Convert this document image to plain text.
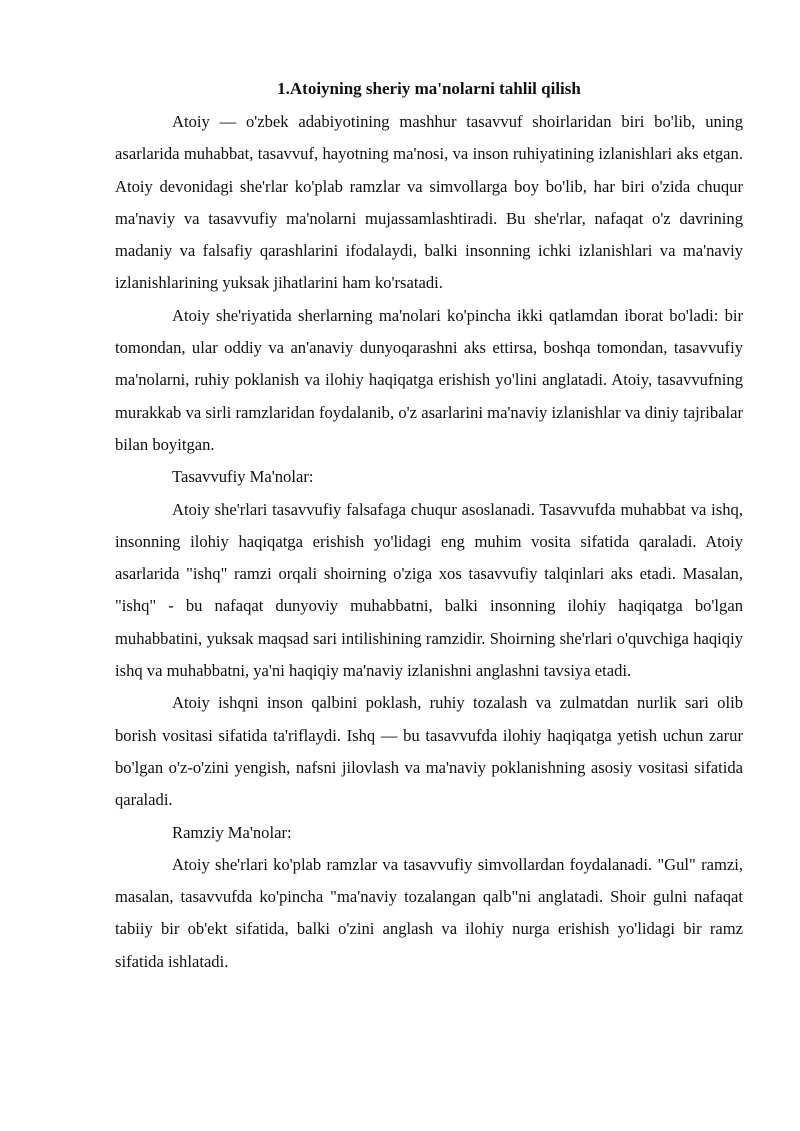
1.Atoiyning sheriy ma'nolarni tahlil qilish

Atoiy — o'zbek adabiyotining mashhur tasavvuf shoirlaridan biri bo'lib, uning asarlarida muhabbat, tasavvuf, hayotning ma'nosi, va inson ruhiyatining izlanishlari aks etgan. Atoiy devonidagi she'rlar ko'plab ramzlar va simvollarga boy bo'lib, har biri o'zida chuqur ma'naviy va tasavvufiy ma'nolarni mujassamlashtiradi. Bu she'rlar, nafaqat o'z davrining madaniy va falsafiy qarashlarini ifodalaydi, balki insonning ichki izlanishlari va ma'naviy izlanishlarining yuksak jihatlarini ham ko'rsatadi.

Atoiy she'riyatida sherlarning ma'nolari ko'pincha ikki qatlamdan iborat bo'ladi: bir tomondan, ular oddiy va an'anaviy dunyoqarashni aks ettirsa, boshqa tomondan, tasavvufiy ma'nolarni, ruhiy poklanish va ilohiy haqiqatga erishish yo'lini anglatadi. Atoiy, tasavvufning murakkab va sirli ramzlaridan foydalanib, o'z asarlarini ma'naviy izlanishlar va diniy tajribalar bilan boyitgan.

Tasavvufiy Ma'nolar:

Atoiy she'rlari tasavvufiy falsafaga chuqur asoslanadi. Tasavvufda muhabbat va ishq, insonning ilohiy haqiqatga erishish yo'lidagi eng muhim vosita sifatida qaraladi. Atoiy asarlarida "ishq" ramzi orqali shoirning o'ziga xos tasavvufiy talqinlari aks etadi. Masalan, "ishq" - bu nafaqat dunyoviy muhabbatni, balki insonning ilohiy haqiqatga bo'lgan muhabbatini, yuksak maqsad sari intilishining ramzidir. Shoirning she'rlari o'quvchiga haqiqiy ishq va muhabbatni, ya'ni haqiqiy ma'naviy izlanishni anglashni tavsiya etadi.

Atoiy ishqni inson qalbini poklash, ruhiy tozalash va zulmatdan nurlik sari olib borish vositasi sifatida ta'riflaydi. Ishq — bu tasavvufda ilohiy haqiqatga yetish uchun zarur bo'lgan o'z-o'zini yengish, nafsni jilovlash va ma'naviy poklanishning asosiy vositasi sifatida qaraladi.

Ramziy Ma'nolar:

Atoiy she'rlari ko'plab ramzlar va tasavvufiy simvollardan foydalanadi. "Gul" ramzi, masalan, tasavvufda ko'pincha "ma'naviy tozalangan qalb"ni anglatadi. Shoir gulni nafaqat tabiiy bir ob'ekt sifatida, balki o'zini anglash va ilohiy nurga erishish yo'lidagi bir ramz sifatida ishlatadi.
